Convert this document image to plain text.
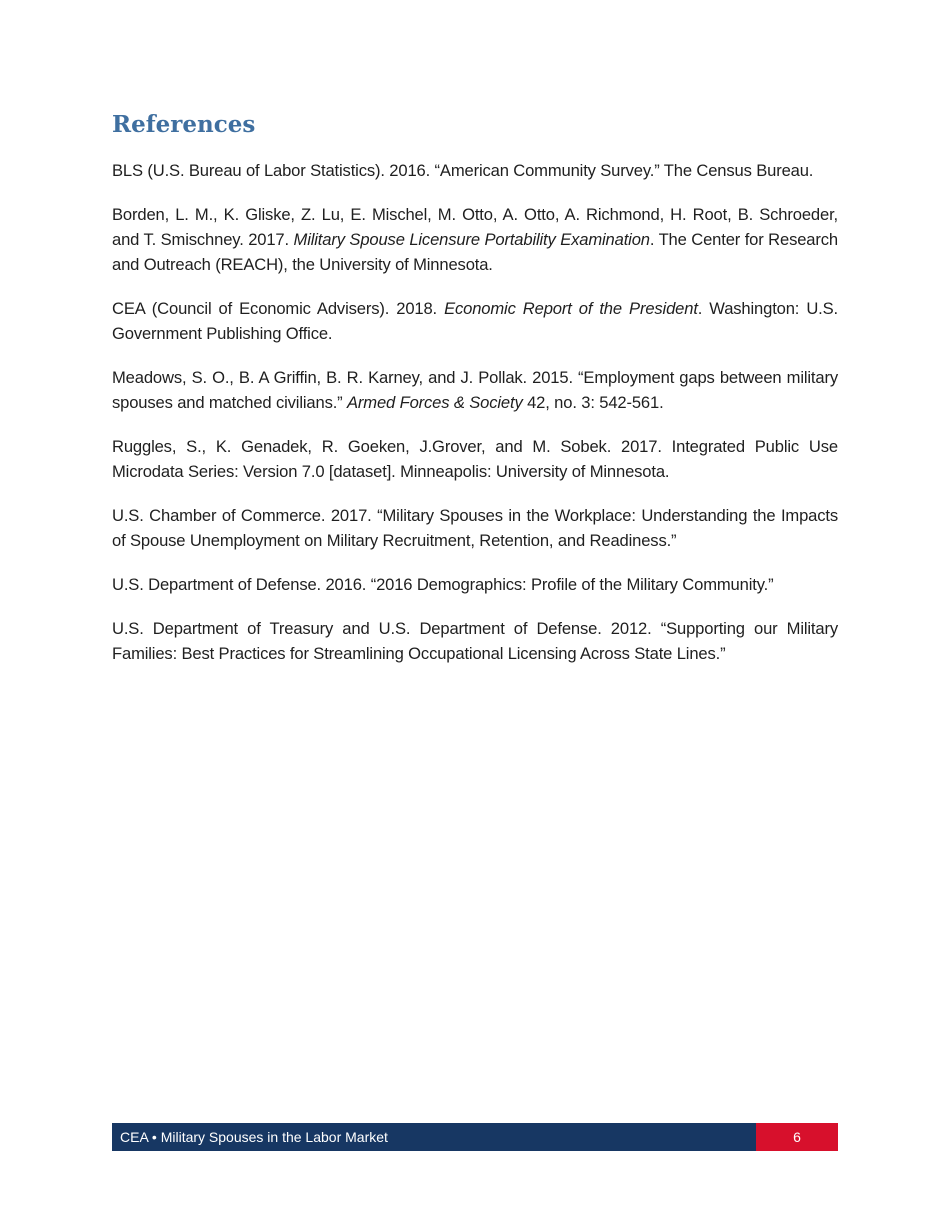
References

BLS (U.S. Bureau of Labor Statistics). 2016. “American Community Survey.” The Census Bureau.

Borden, L. M., K. Gliske, Z. Lu, E. Mischel, M. Otto, A. Otto, A. Richmond, H. Root, B. Schroeder, and T. Smischney. 2017. Military Spouse Licensure Portability Examination. The Center for Research and Outreach (REACH), the University of Minnesota.

CEA (Council of Economic Advisers). 2018. Economic Report of the President. Washington: U.S. Government Publishing Office.

Meadows, S. O., B. A Griffin, B. R. Karney, and J. Pollak. 2015. “Employment gaps between military spouses and matched civilians.” Armed Forces & Society 42, no. 3: 542-561.

Ruggles, S., K. Genadek, R. Goeken, J.Grover, and M. Sobek. 2017. Integrated Public Use Microdata Series: Version 7.0 [dataset]. Minneapolis: University of Minnesota.

U.S. Chamber of Commerce. 2017. “Military Spouses in the Workplace: Understanding the Impacts of Spouse Unemployment on Military Recruitment, Retention, and Readiness.”

U.S. Department of Defense. 2016. “2016 Demographics: Profile of the Military Community.”

U.S. Department of Treasury and U.S. Department of Defense. 2012. “Supporting our Military Families: Best Practices for Streamlining Occupational Licensing Across State Lines.”

CEA • Military Spouses in the Labor Market	6
